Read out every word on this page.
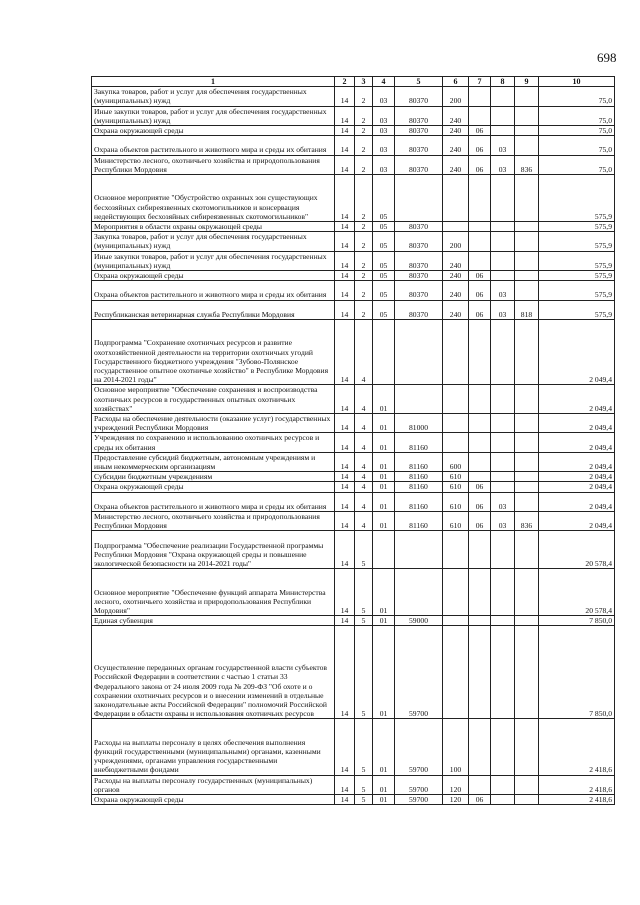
698
1	2	3	4	5	6	7	8	9	10
Закупка товаров, работ и услуг для обеспечения государственных (муниципальных) нужд	14	2	03	80370	200				75,0
Иные закупки товаров, работ и услуг для обеспечения государственных (муниципальных) нужд	14	2	03	80370	240				75,0
Охрана окружающей среды	14	2	03	80370	240	06			75,0
Охрана объектов растительного и животного мира и среды их обитания	14	2	03	80370	240	06	03		75,0
Министерство лесного, охотничьего хозяйства и природопользования Республики Мордовия	14	2	03	80370	240	06	03	836	75,0
Основное мероприятие "Обустройство охранных зон существующих бесхозяйных сибиреязвенных скотомогильников и консервация недействующих бесхозяйных сибиреязвенных скотомогильников"	14	2	05						575,9
Мероприятия в области охраны окружающей среды	14	2	05	80370					575,9
Закупка товаров, работ и услуг для обеспечения государственных (муниципальных) нужд	14	2	05	80370	200				575,9
Иные закупки товаров, работ и услуг для обеспечения государственных (муниципальных) нужд	14	2	05	80370	240				575,9
Охрана окружающей среды	14	2	05	80370	240	06			575,9
Охрана объектов растительного и животного мира и среды их обитания	14	2	05	80370	240	06	03		575,9
Республиканская ветеринарная служба Республики Мордовия	14	2	05	80370	240	06	03	818	575,9
Подпрограмма "Сохранение охотничьих ресурсов и развитие охотхозяйственной деятельности на территории охотничьих угодий Государственного бюджетного учреждения "Зубово-Полянское государственное опытное охотничье хозяйство" в Республике Мордовия на 2014-2021 годы"	14	4							2 049,4
Основное мероприятие "Обеспечение сохранения и воспроизводства охотничьих ресурсов в государственных опытных охотничьих хозяйствах"	14	4	01						2 049,4
Расходы на обеспечение деятельности (оказание услуг) государственных учреждений Республики Мордовия	14	4	01	81000					2 049,4
Учреждения по сохранению и использованию охотничьих ресурсов и среды их обитания	14	4	01	81160					2 049,4
Предоставление субсидий бюджетным, автономным учреждениям и иным некоммерческим организациям	14	4	01	81160	600				2 049,4
Субсидии бюджетным учреждениям	14	4	01	81160	610				2 049,4
Охрана окружающей среды	14	4	01	81160	610	06			2 049,4
Охрана объектов растительного и животного мира и среды их обитания	14	4	01	81160	610	06	03		2 049,4
Министерство лесного, охотничьего хозяйства и природопользования Республики Мордовия	14	4	01	81160	610	06	03	836	2 049,4
Подпрограмма "Обеспечение реализации Государственной программы Республики Мордовия "Охрана окружающей среды и повышение экологической безопасности на 2014-2021 годы"	14	5							20 578,4
Основное мероприятие "Обеспечение функций аппарата Министерства лесного, охотничьего хозяйства и природопользования Республики Мордовия"	14	5	01						20 578,4
Единая субвенция	14	5	01	59000					7 850,0
Осуществление переданных органам государственной власти субъектов Российской Федерации в соответствии с частью 1 статьи 33 Федерального закона от 24 июля 2009 года № 209-ФЗ "Об охоте и о сохранении охотничьих ресурсов и о внесении изменений в отдельные законодательные акты Российской Федерации" полномочий Российской Федерации в области охраны и использования охотничьих ресурсов	14	5	01	59700					7 850,0
Расходы на выплаты персоналу в целях обеспечения выполнения функций государственными (муниципальными) органами, казенными учреждениями, органами управления государственными внебюджетными фондами	14	5	01	59700	100				2 418,6
Расходы на выплаты персоналу государственных (муниципальных) органов	14	5	01	59700	120				2 418,6
Охрана окружающей среды	14	5	01	59700	120	06			2 418,6
